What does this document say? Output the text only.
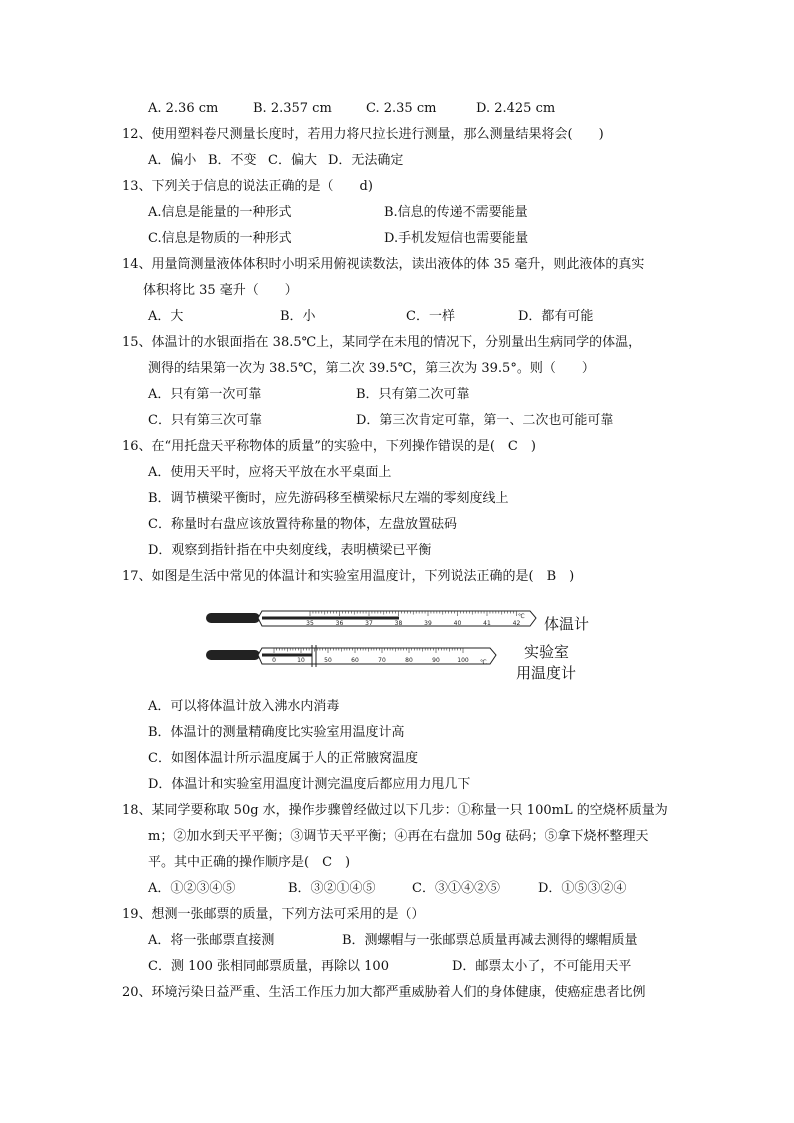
A. 2.36 cm	B. 2.357 cm	C. 2.35 cm	D. 2.425 cm
12、使用塑料卷尺测量长度时，若用力将尺拉长进行测量，那么测量结果将会(　　)
A．偏小 B．不变 C．偏大 D．无法确定
13、下列关于信息的说法正确的是（　　d)
A.信息是能量的一种形式	B.信息的传递不需要能量
C.信息是物质的一种形式	D.手机发短信也需要能量
14、用量筒测量液体体积时小明采用俯视读数法，读出液体的体 35 毫升，则此液体的真实
体积将比 35 毫升（　　）
A．大	B．小	C．一样	D．都有可能
15、体温计的水银面指在 38.5℃上，某同学在未甩的情况下，分别量出生病同学的体温，
测得的结果第一次为 38.5℃，第二次 39.5℃，第三次为 39.5°。则（　　）
A．只有第一次可靠	B．只有第二次可靠
C．只有第三次可靠	D．第三次肯定可靠，第一、二次也可能可靠
16、在“用托盘天平称物体的质量”的实验中，下列操作错误的是(　C　)
A．使用天平时，应将天平放在水平桌面上
B．调节横梁平衡时，应先游码移至横梁标尺左端的零刻度线上
C．称量时右盘应该放置待称量的物体，左盘放置砝码
D．观察到指针指在中央刻度线，表明横梁已平衡
17、如图是生活中常见的体温计和实验室用温度计，下列说法正确的是(　B　)
35	36	37	38	39	40	41	42
℃
0	10	50	60	70	80	90	100 ℃
体温计
实验室
用温度计
A．可以将体温计放入沸水内消毒
B．体温计的测量精确度比实验室用温度计高
C．如图体温计所示温度属于人的正常腋窝温度
D．体温计和实验室用温度计测完温度后都应用力甩几下
18、某同学要称取 50g 水，操作步骤曾经做过以下几步：①称量一只 100mL 的空烧杯质量为
m；②加水到天平平衡；③调节天平平衡；④再在右盘加 50g 砝码；⑤拿下烧杯整理天
平。其中正确的操作顺序是(　C　)
A．①②③④⑤	B．③②①④⑤	C．③①④②⑤	D．①⑤③②④
19、想测一张邮票的质量，下列方法可采用的是（）
A．将一张邮票直接测	B．测螺帽与一张邮票总质量再减去测得的螺帽质量
C．测 100 张相同邮票质量，再除以 100	D．邮票太小了，不可能用天平
20、环境污染日益严重、生活工作压力加大都严重威胁着人们的身体健康，使癌症患者比例
